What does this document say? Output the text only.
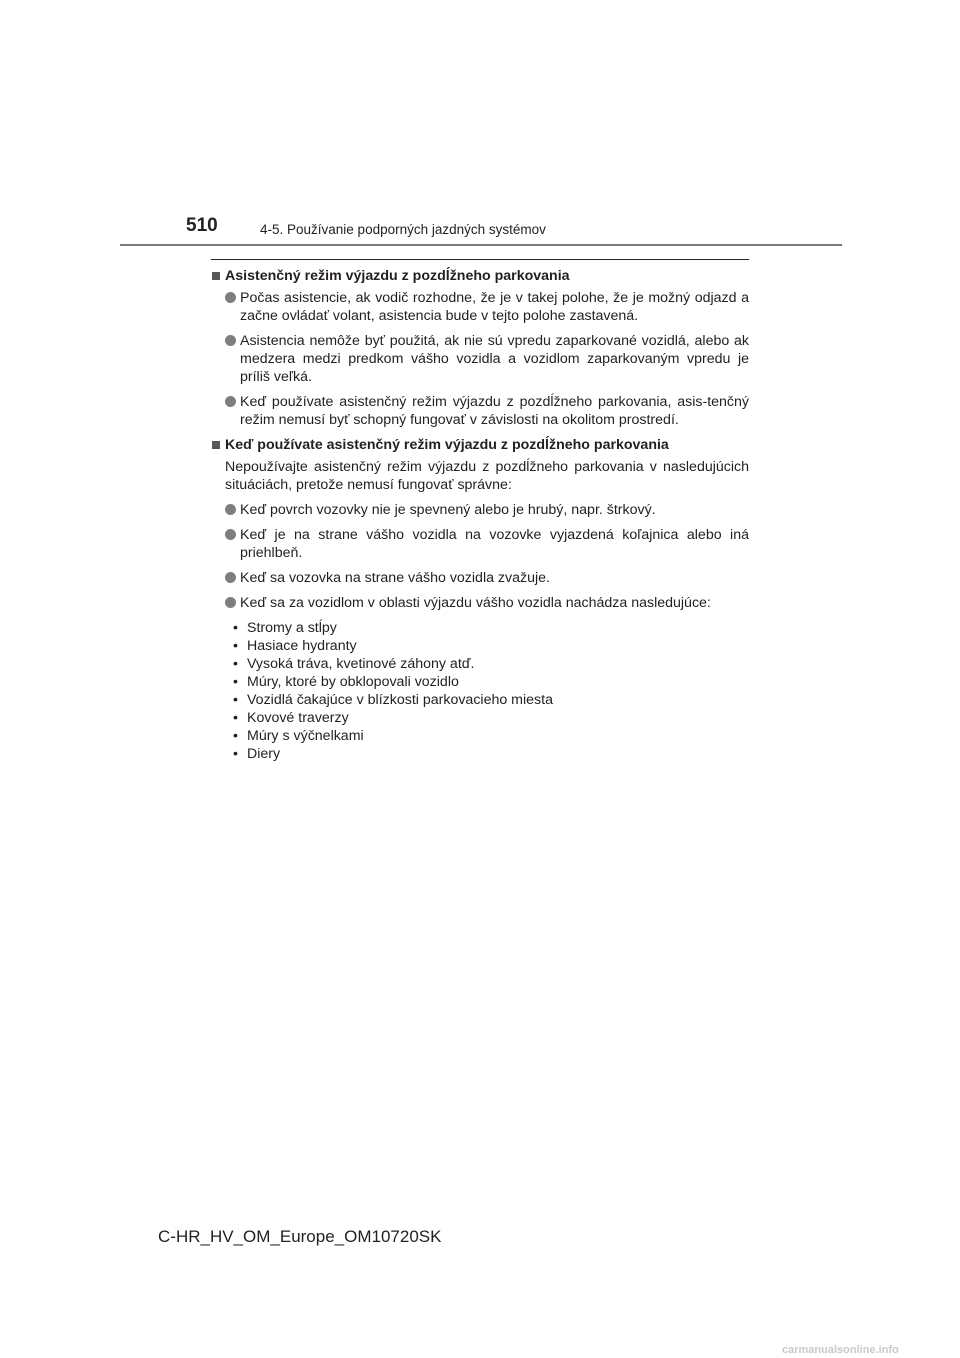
510	4-5. Používanie podporných jazdných systémov
Asistenčný režim výjazdu z pozdĺžneho parkovania
Počas asistencie, ak vodič rozhodne, že je v takej polohe, že je možný odjazd a začne ovládať volant, asistencia bude v tejto polohe zastavená.
Asistencia nemôže byť použitá, ak nie sú vpredu zaparkované vozidlá, alebo ak medzera medzi predkom vášho vozidla a vozidlom zaparkovaným vpredu je príliš veľká.
Keď používate asistenčný režim výjazdu z pozdĺžneho parkovania, asis-tenčný režim nemusí byť schopný fungovať v závislosti na okolitom prostredí.
Keď používate asistenčný režim výjazdu z pozdĺžneho parkovania
Nepoužívajte asistenčný režim výjazdu z pozdĺžneho parkovania v nasledujúcich situáciách, pretože nemusí fungovať správne:
Keď povrch vozovky nie je spevnený alebo je hrubý, napr. štrkový.
Keď je na strane vášho vozidla na vozovke vyjazdená koľajnica alebo iná priehlbeň.
Keď sa vozovka na strane vášho vozidla zvažuje.
Keď sa za vozidlom v oblasti výjazdu vášho vozidla nachádza nasledujúce:
• Stromy a stĺpy
• Hasiace hydranty
• Vysoká tráva, kvetinové záhony atď.
• Múry, ktoré by obklopovali vozidlo
• Vozidlá čakajúce v blízkosti parkovacieho miesta
• Kovové traverzy
• Múry s výčnelkami
• Diery
C-HR_HV_OM_Europe_OM10720SK
carmanualsonline.info
